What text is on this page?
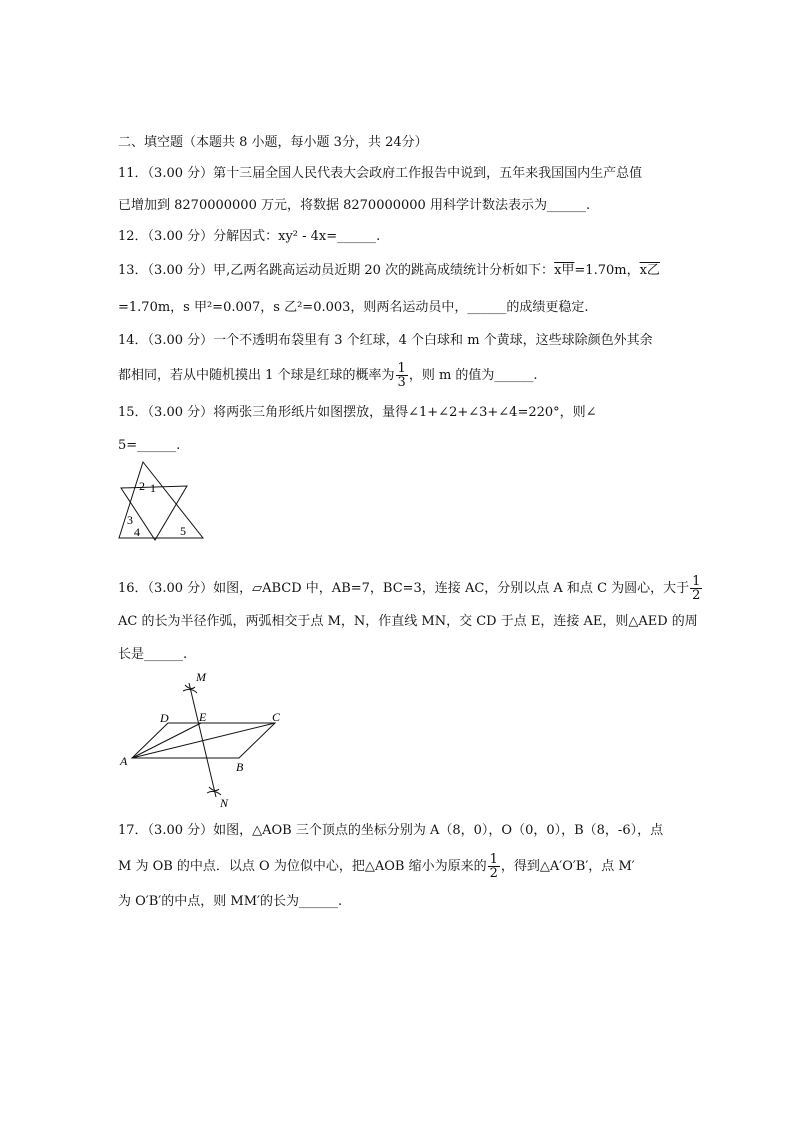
二、填空题（本题共 8 小题，每小题 3分，共 24分）
11．（3.00 分）第十三届全国人民代表大会政府工作报告中说到，五年来我国国内生产总值
已增加到 8270000000 万元，将数据 8270000000 用科学计数法表示为______.
12．（3.00 分）分解因式：xy² - 4x=______.
13．（3.00 分）甲,乙两名跳高运动员近期 20 次的跳高成绩统计分析如下：x甲=1.70m，x乙
=1.70m，s 甲²=0.007，s 乙²=0.003，则两名运动员中，______的成绩更稳定.
14．（3.00 分）一个不透明布袋里有 3 个红球，4 个白球和 m 个黄球，这些球除颜色外其余
都相同，若从中随机摸出 1 个球是红球的概率为 $\frac{1}{3}$ ，则 m 的值为______.
15．（3.00 分）将两张三角形纸片如图摆放，量得∠1+∠2+∠3+∠4=220°，则∠
5=______.
2 1
3
4	5
16．（3.00 分）如图，▱ABCD 中，AB=7，BC=3，连接 AC，分别以点 A 和点 C 为圆心，大于 $\frac{1}{2}$
AC 的长为半径作弧，两弧相交于点 M，N，作直线 MN，交 CD 于点 E，连接 AE，则△AED 的周
长是______.
M
D	E	C
A	B
N
17．（3.00 分）如图，△AOB 三个顶点的坐标分别为 A（8，0），O（0，0），B（8，-6），点
M 为 OB 的中点．以点 O 为位似中心，把△AOB 缩小为原来的 $\frac{1}{2}$ ，得到△A′O′B′，点 M′
为 O′B′的中点，则 MM′的长为______.
